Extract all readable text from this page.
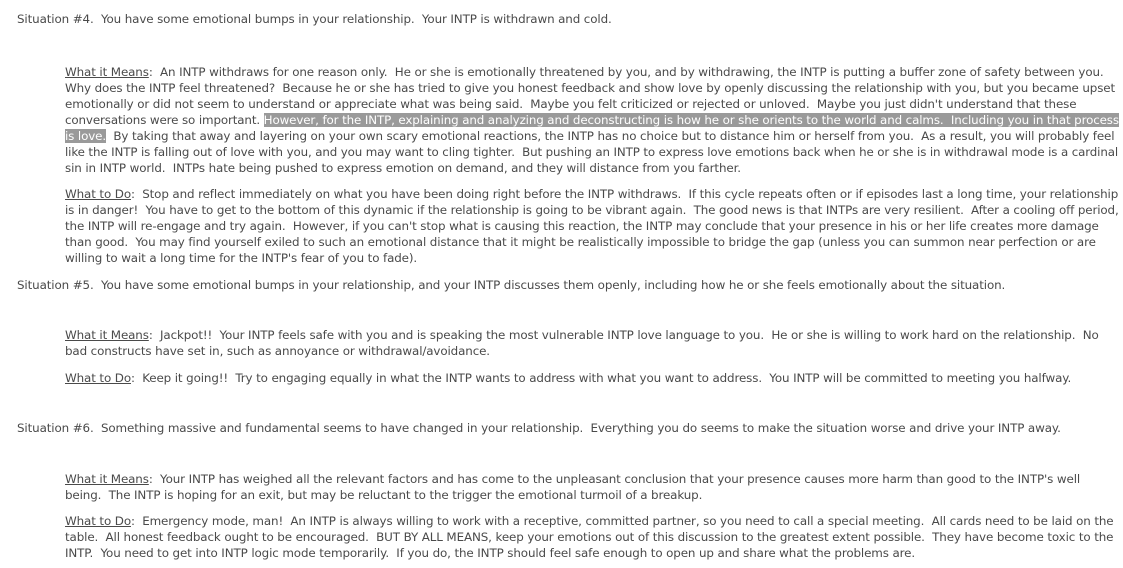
Situation #4.  You have some emotional bumps in your relationship.  Your INTP is withdrawn and cold.
What it Means:  An INTP withdraws for one reason only.  He or she is emotionally threatened by you, and by withdrawing, the INTP is putting a buffer zone of safety between you.
Why does the INTP feel threatened?  Because he or she has tried to give you honest feedback and show love by openly discussing the relationship with you, but you became upset
emotionally or did not seem to understand or appreciate what was being said.  Maybe you felt criticized or rejected or unloved.  Maybe you just didn't understand that these
conversations were so important. However, for the INTP, explaining and analyzing and deconstructing is how he or she orients to the world and calms.  Including you in that process
is love.  By taking that away and layering on your own scary emotional reactions, the INTP has no choice but to distance him or herself from you.  As a result, you will probably feel
like the INTP is falling out of love with you, and you may want to cling tighter.  But pushing an INTP to express love emotions back when he or she is in withdrawal mode is a cardinal
sin in INTP world.  INTPs hate being pushed to express emotion on demand, and they will distance from you farther.
What to Do:  Stop and reflect immediately on what you have been doing right before the INTP withdraws.  If this cycle repeats often or if episodes last a long time, your relationship
is in danger!  You have to get to the bottom of this dynamic if the relationship is going to be vibrant again.  The good news is that INTPs are very resilient.  After a cooling off period,
the INTP will re-engage and try again.  However, if you can't stop what is causing this reaction, the INTP may conclude that your presence in his or her life creates more damage
than good.  You may find yourself exiled to such an emotional distance that it might be realistically impossible to bridge the gap (unless you can summon near perfection or are
willing to wait a long time for the INTP's fear of you to fade).
Situation #5.  You have some emotional bumps in your relationship, and your INTP discusses them openly, including how he or she feels emotionally about the situation.
What it Means:  Jackpot!!  Your INTP feels safe with you and is speaking the most vulnerable INTP love language to you.  He or she is willing to work hard on the relationship.  No
bad constructs have set in, such as annoyance or withdrawal/avoidance.
What to Do:  Keep it going!!  Try to engaging equally in what the INTP wants to address with what you want to address.  You INTP will be committed to meeting you halfway.
Situation #6.  Something massive and fundamental seems to have changed in your relationship.  Everything you do seems to make the situation worse and drive your INTP away.
What it Means:  Your INTP has weighed all the relevant factors and has come to the unpleasant conclusion that your presence causes more harm than good to the INTP's well
being.  The INTP is hoping for an exit, but may be reluctant to the trigger the emotional turmoil of a breakup.
What to Do:  Emergency mode, man!  An INTP is always willing to work with a receptive, committed partner, so you need to call a special meeting.  All cards need to be laid on the
table.  All honest feedback ought to be encouraged.  BUT BY ALL MEANS, keep your emotions out of this discussion to the greatest extent possible.  They have become toxic to the
INTP.  You need to get into INTP logic mode temporarily.  If you do, the INTP should feel safe enough to open up and share what the problems are.
